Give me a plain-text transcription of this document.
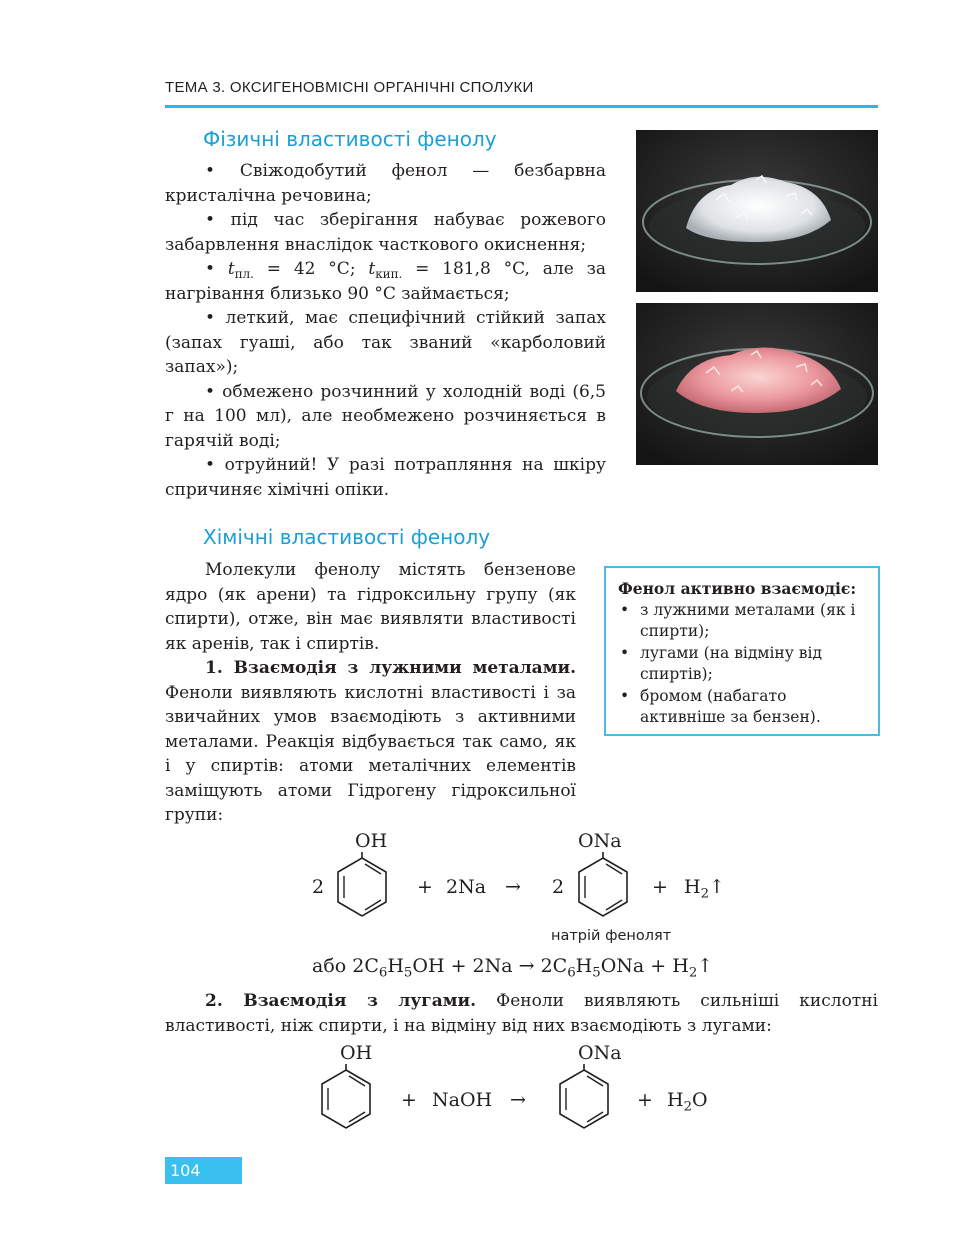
ТЕМА 3. ОКСИГЕНОВМІСНІ ОРГАНІЧНІ СПОЛУКИ
Фізичні властивості фенолу

• Свіжодобутий фенол — безбарвна кристалічна речовина;

• під час зберігання набуває рожевого забарвлення внаслідок часткового окиснення;

• $t_{пл.} = 42$ °C; $t_{кип.} = 181,8$ °C, але за нагрівання близько 90 °C займається;

• леткий, має специфічний стійкий запах (запах гуаші, або так званий «карболовий запах»);

• обмежено розчинний у холодній воді (6,5 г на 100 мл), але необмежено розчиняється в гарячій воді;

• отруйний! У разі потрапляння на шкіру спричиняє хімічні опіки.

Хімічні властивості фенолу

Молекули фенолу містять бензенове ядро (як арени) та гідроксильну групу (як спирти), отже, він має виявляти властивості як аренів, так і спиртів.

1. Взаємодія з лужними металами. Феноли виявляють кислотні властивості і за звичайних умов взаємодіють з активними металами. Реакція відбувається так само, як і у спиртів: атоми металічних елементів заміщують атоми Гідрогену гідроксильної групи:

Фенол активно взаємодіє:
• з лужними металами (як і спирти);
• лугами (на відміну від спиртів);
• бромом (набагато активніше за бензен).
2
OH
+ 2Na → 2
ONa
+ $H_2↑$
натрій фенолят
або $2C_6H_5OH + 2Na \to 2C_6H_5ONa$ + $H_2↑$

2. Взаємодія з лугами. Феноли виявляють сильніші кислотні властивості, ніж спирти, і на відміну від них взаємодіють з лугами:

OH
+ NaOH →
ONa
+ $H_2O$
104
